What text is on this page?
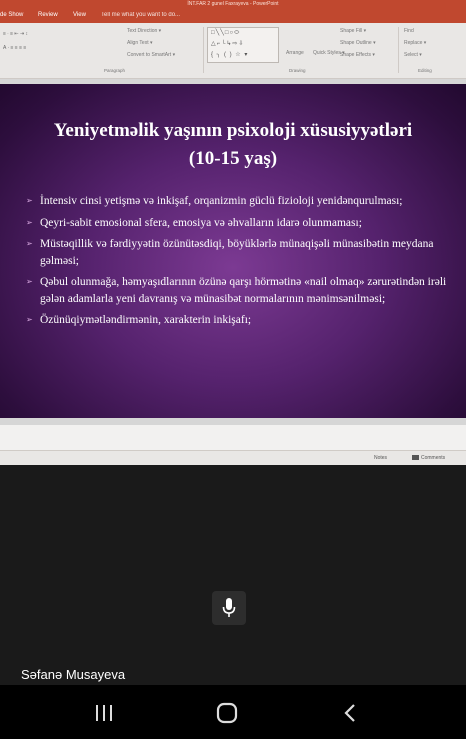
İNT.FAR 2 gunel Faxrayeva - PowerPoint
de Show Review	View	Tell me what you want to do...
≡ ∙ ≡ ⇤ ⇥ ↕
A · ≡ ≡ ≡ ≡
Text Direction ▾
Align Text ▾
Convert to SmartArt ▾
Paragraph
□╲╲□○⬭
△⌐└↳⇨⇩
{ ╮ ( ) ☆ ▾	Arrange Quick Styles ▾
Shape Fill ▾
Shape Outline ▾
Shape Effects ▾
Drawing
Find
Replace ▾
Select ▾
Editing
Yeniyetməlik yaşının psixoloji xüsusiyyətləri
(10-15 yaş)
➢ İntensiv cinsi yetişmə və inkişaf, orqanizmin güclü fizioloji yenidənqurulması;
➢ Qeyri-sabit emosional sfera, emosiya və əhvalların idarə olunmaması;
➢ Müstəqillik və fərdiyyətin özünütəsdiqi, böyüklərlə münaqişəli münasibətin meydana gəlməsi;
➢ Qəbul olunmağa, həmyaşıdlarının özünə qarşı hörmətinə «nail olmaq» zərurətindən irəli gələn adamlarla yeni davranış və münasibət normalarının mənimsənilməsi;
➢ Özünüqiymətləndirmənin, xarakterin inkişafı;
Notes	Comments
Səfanə Musayeva
